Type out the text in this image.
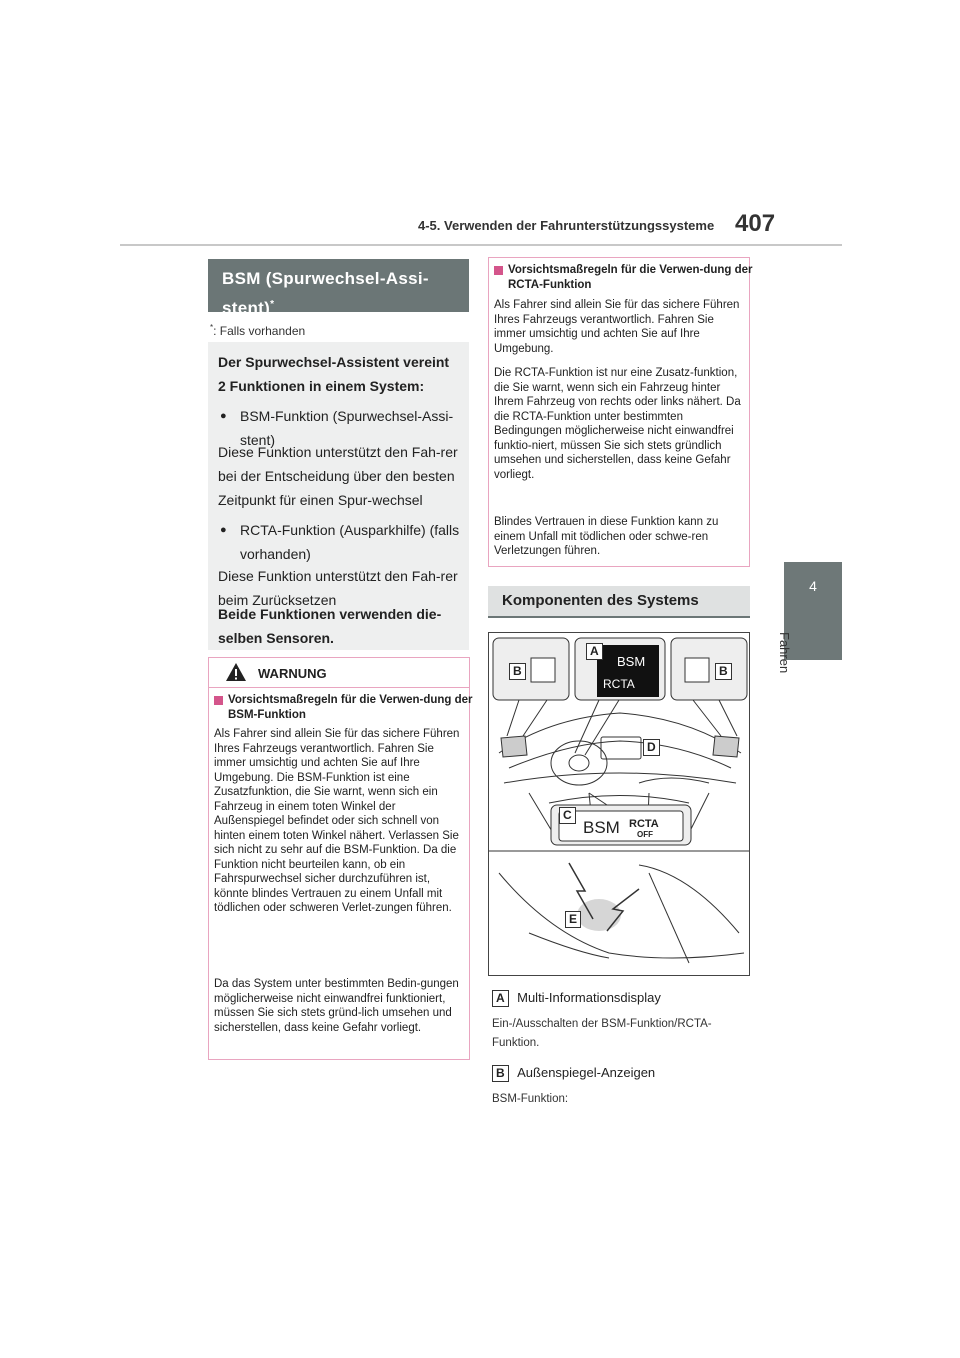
4-5. Verwenden der Fahrunterstützungssysteme 407
4
Fahren
BSM (Spurwechsel-Assi-stent)*
*: Falls vorhanden
Der Spurwechsel-Assistent vereint
2 Funktionen in einem System:
● BSM-Funktion (Spurwechsel-Assi-stent)
Diese Funktion unterstützt den Fah-rer bei der Entscheidung über den besten Zeitpunkt für einen Spur-wechsel
● RCTA-Funktion (Ausparkhilfe) (falls vorhanden)
Diese Funktion unterstützt den Fah-rer beim Zurücksetzen
Beide Funktionen verwenden die-
selben Sensoren.
WARNUNG
Vorsichtsmaßregeln für die Verwen-dung der BSM-Funktion
Als Fahrer sind allein Sie für das sichere Führen Ihres Fahrzeugs verantwortlich. Fahren Sie immer umsichtig und achten Sie auf Ihre Umgebung. Die BSM-Funktion ist eine Zusatzfunktion, die Sie warnt, wenn sich ein Fahrzeug in einem toten Winkel der Außenspiegel befindet oder sich schnell von hinten einem toten Winkel nähert. Verlassen Sie sich nicht zu sehr auf die BSM-Funktion. Da die Funktion nicht beurteilen kann, ob ein Fahrspurwechsel sicher durchzuführen ist, könnte blindes Vertrauen zu einem Unfall mit tödlichen oder schweren Verlet-zungen führen.
Da das System unter bestimmten Bedin-gungen möglicherweise nicht einwandfrei funktioniert, müssen Sie sich stets gründ-lich umsehen und sicherstellen, dass keine Gefahr vorliegt.
Vorsichtsmaßregeln für die Verwen-dung der RCTA-Funktion
Als Fahrer sind allein Sie für das sichere Führen Ihres Fahrzeugs verantwortlich. Fahren Sie immer umsichtig und achten Sie auf Ihre Umgebung.
Die RCTA-Funktion ist nur eine Zusatz-funktion, die Sie warnt, wenn sich ein Fahrzeug hinter Ihrem Fahrzeug von rechts oder links nähert. Da die RCTA-Funktion unter bestimmten Bedingungen möglicherweise nicht einwandfrei funktio-niert, müssen Sie sich stets gründlich umsehen und sicherstellen, dass keine Gefahr vorliegt.
Blindes Vertrauen in diese Funktion kann zu einem Unfall mit tödlichen oder schwe-ren Verletzungen führen.
Komponenten des Systems
BSM
RCTA
BSM RCTA
OFF
A
B	B
D
C
E
A Multi-Informationsdisplay
Ein-/Ausschalten der BSM-Funktion/RCTA-
Funktion.
B Außenspiegel-Anzeigen
BSM-Funktion:
